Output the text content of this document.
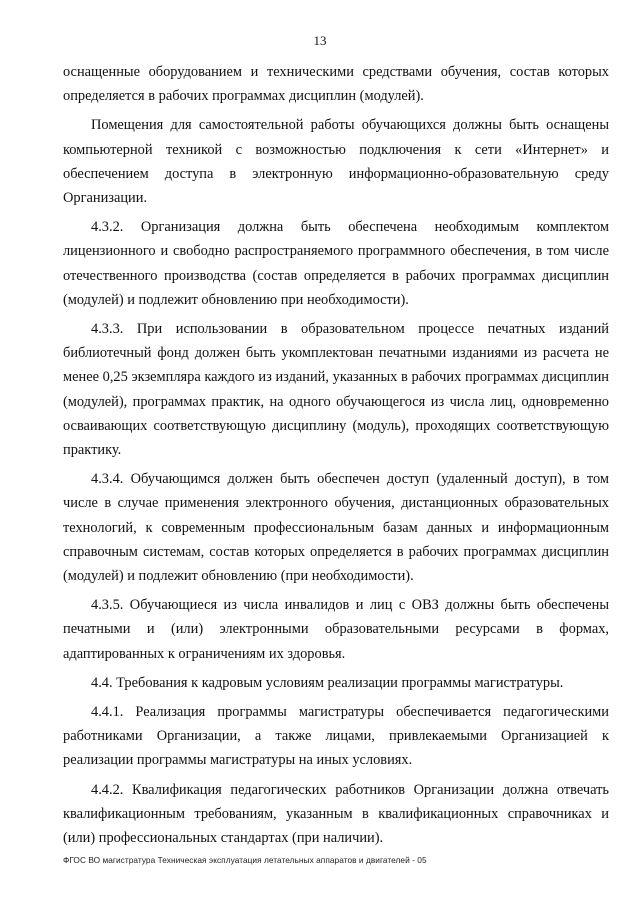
13

оснащенные оборудованием и техническими средствами обучения, состав которых определяется в рабочих программах дисциплин (модулей).

Помещения для самостоятельной работы обучающихся должны быть оснащены компьютерной техникой с возможностью подключения к сети «Интернет» и обеспечением доступа в электронную информационно-образовательную среду Организации.

4.3.2. Организация должна быть обеспечена необходимым комплектом лицензионного и свободно распространяемого программного обеспечения, в том числе отечественного производства (состав определяется в рабочих программах дисциплин (модулей) и подлежит обновлению при необходимости).

4.3.3. При использовании в образовательном процессе печатных изданий библиотечный фонд должен быть укомплектован печатными изданиями из расчета не менее 0,25 экземпляра каждого из изданий, указанных в рабочих программах дисциплин (модулей), программах практик, на одного обучающегося из числа лиц, одновременно осваивающих соответствующую дисциплину (модуль), проходящих соответствующую практику.

4.3.4. Обучающимся должен быть обеспечен доступ (удаленный доступ), в том числе в случае применения электронного обучения, дистанционных образовательных технологий, к современным профессиональным базам данных и информационным справочным системам, состав которых определяется в рабочих программах дисциплин (модулей) и подлежит обновлению (при необходимости).

4.3.5. Обучающиеся из числа инвалидов и лиц с ОВЗ должны быть обеспечены печатными и (или) электронными образовательными ресурсами в формах, адаптированных к ограничениям их здоровья.

4.4. Требования к кадровым условиям реализации программы магистратуры.

4.4.1. Реализация программы магистратуры обеспечивается педагогическими работниками Организации, а также лицами, привлекаемыми Организацией к реализации программы магистратуры на иных условиях.

4.4.2. Квалификация педагогических работников Организации должна отвечать квалификационным требованиям, указанным в квалификационных справочниках и (или) профессиональных стандартах (при наличии).

ФГОС ВО магистратура Техническая эксплуатация летательных аппаратов и двигателей - 05
